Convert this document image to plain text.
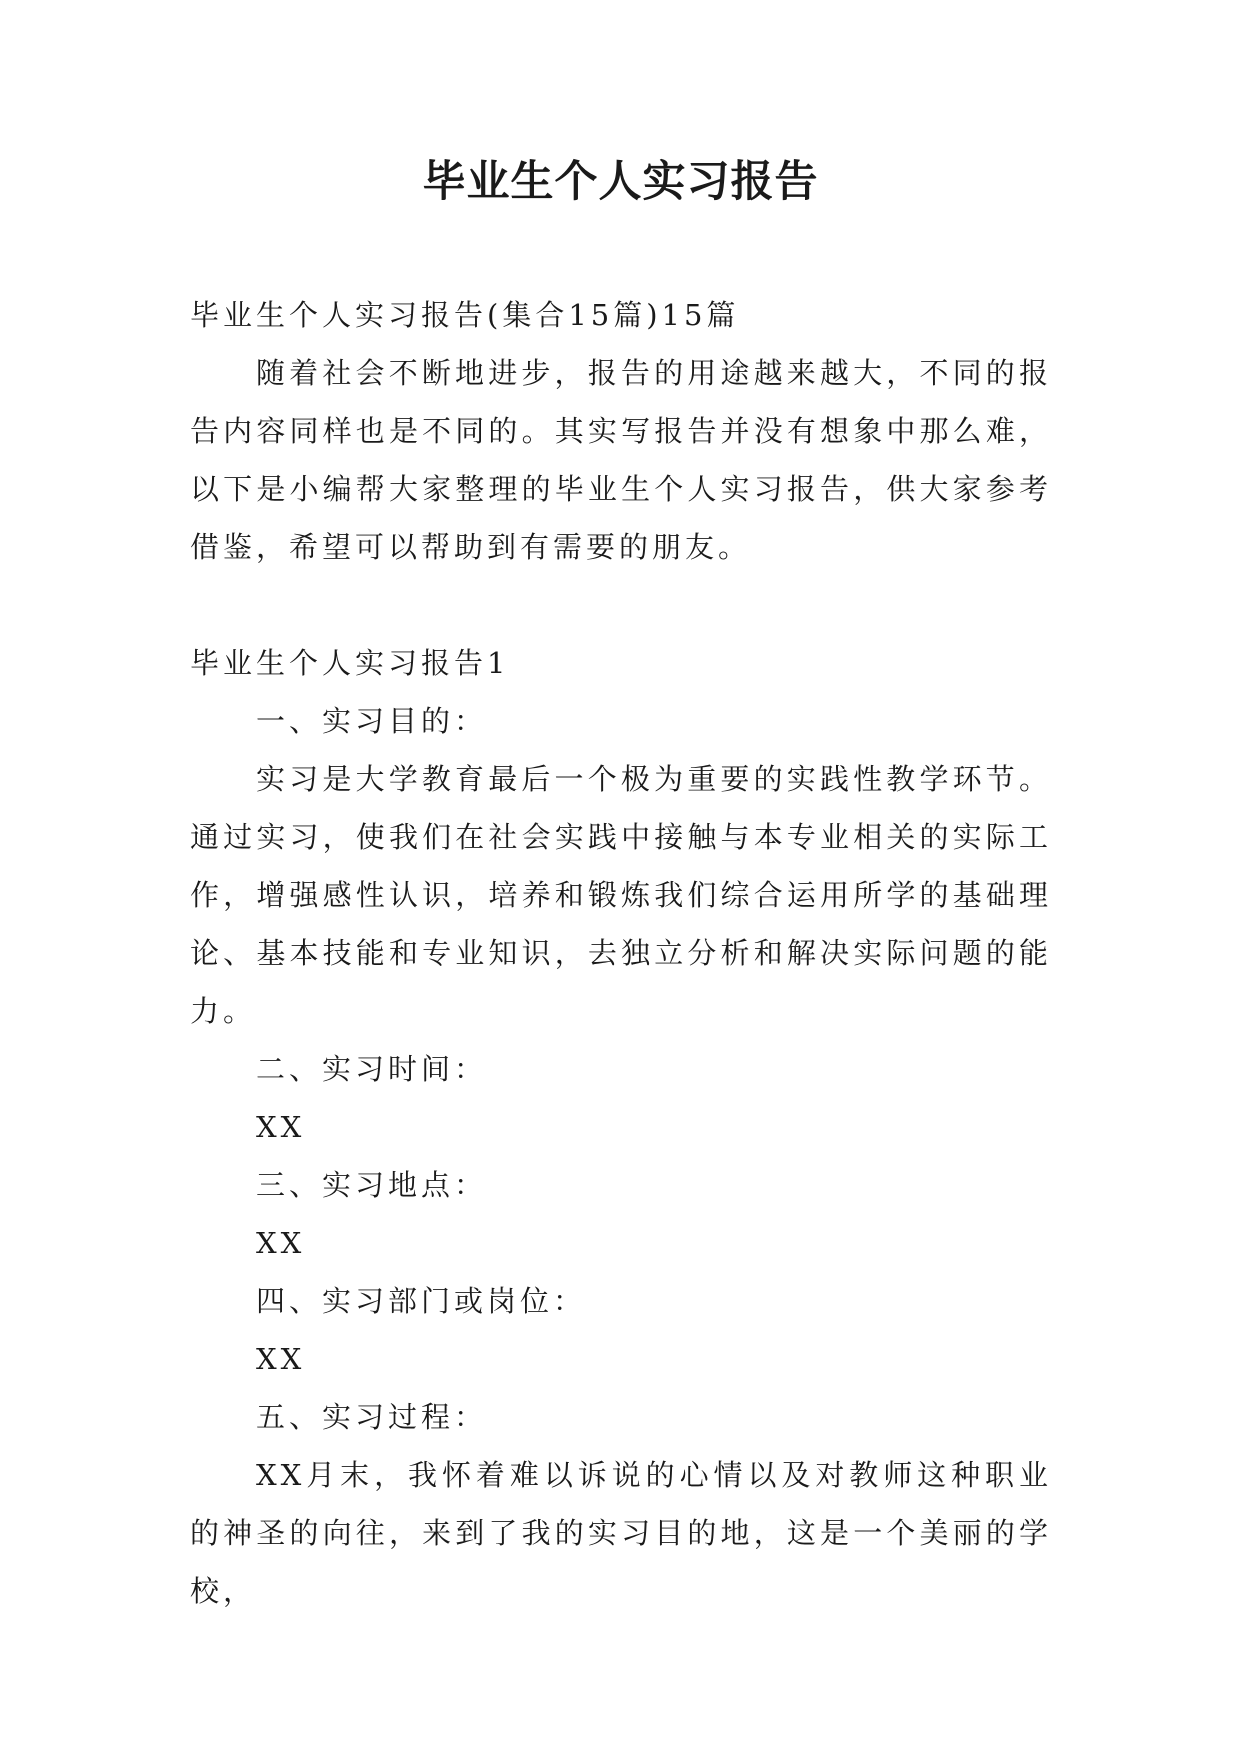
毕业生个人实习报告

毕业生个人实习报告(集合15篇)15篇

随着社会不断地进步，报告的用途越来越大，不同的报告内容同样也是不同的。其实写报告并没有想象中那么难，以下是小编帮大家整理的毕业生个人实习报告，供大家参考借鉴，希望可以帮助到有需要的朋友。

毕业生个人实习报告1

一、实习目的：

实习是大学教育最后一个极为重要的实践性教学环节。通过实习，使我们在社会实践中接触与本专业相关的实际工作，增强感性认识，培养和锻炼我们综合运用所学的基础理论、基本技能和专业知识，去独立分析和解决实际问题的能力。

二、实习时间：

XX

三、实习地点：

XX

四、实习部门或岗位：

XX

五、实习过程：

XX月末，我怀着难以诉说的心情以及对教师这种职业的神圣的向往，来到了我的实习目的地，这是一个美丽的学校，
